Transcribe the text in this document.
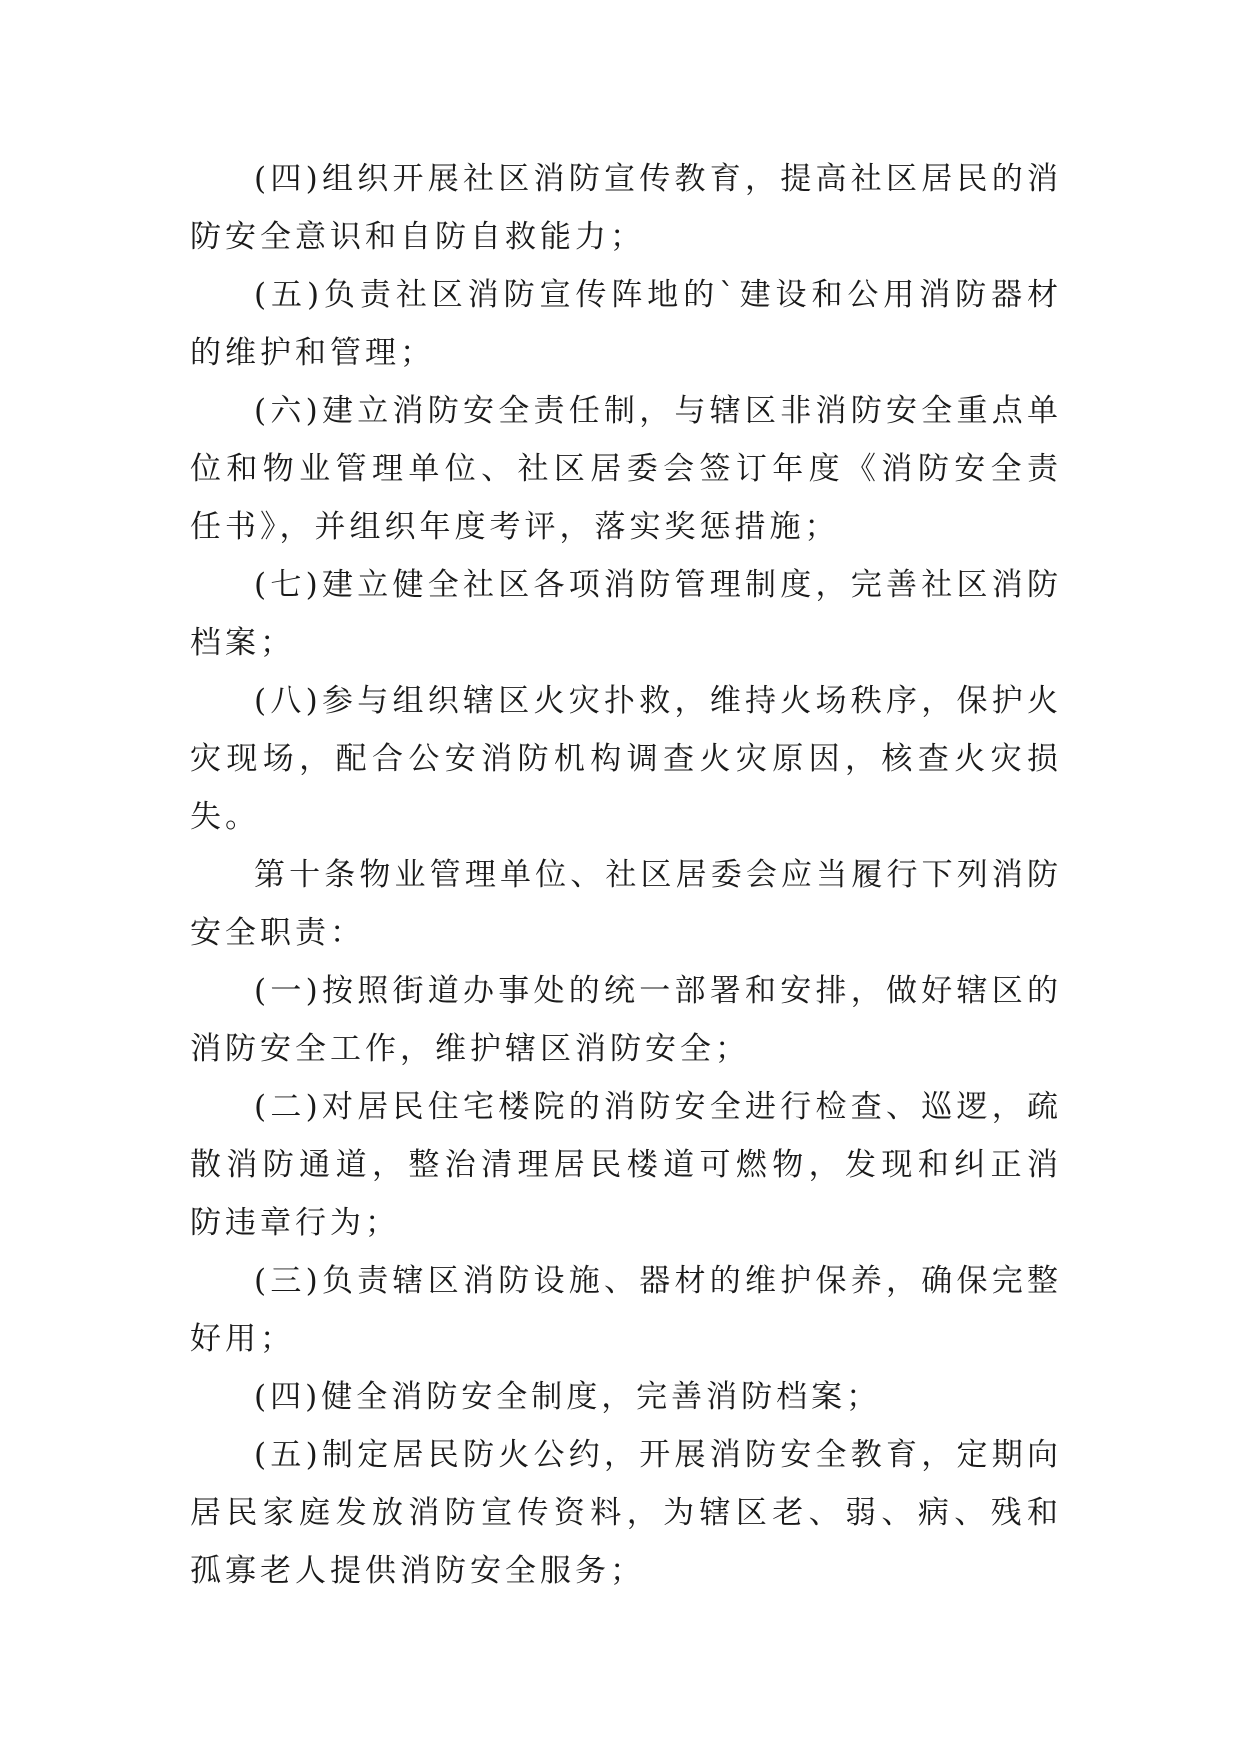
(四)组织开展社区消防宣传教育，提高社区居民的消防安全意识和自防自救能力；

(五)负责社区消防宣传阵地的`建设和公用消防器材的维护和管理；

(六)建立消防安全责任制，与辖区非消防安全重点单位和物业管理单位、社区居委会签订年度《消防安全责任书》，并组织年度考评，落实奖惩措施；

(七)建立健全社区各项消防管理制度，完善社区消防档案；

(八)参与组织辖区火灾扑救，维持火场秩序，保护火灾现场，配合公安消防机构调查火灾原因，核查火灾损失。

第十条物业管理单位、社区居委会应当履行下列消防安全职责：

(一)按照街道办事处的统一部署和安排，做好辖区的消防安全工作，维护辖区消防安全；

(二)对居民住宅楼院的消防安全进行检查、巡逻，疏散消防通道，整治清理居民楼道可燃物，发现和纠正消防违章行为；

(三)负责辖区消防设施、器材的维护保养，确保完整好用；

(四)健全消防安全制度，完善消防档案；

(五)制定居民防火公约，开展消防安全教育，定期向居民家庭发放消防宣传资料，为辖区老、弱、病、残和孤寡老人提供消防安全服务；
